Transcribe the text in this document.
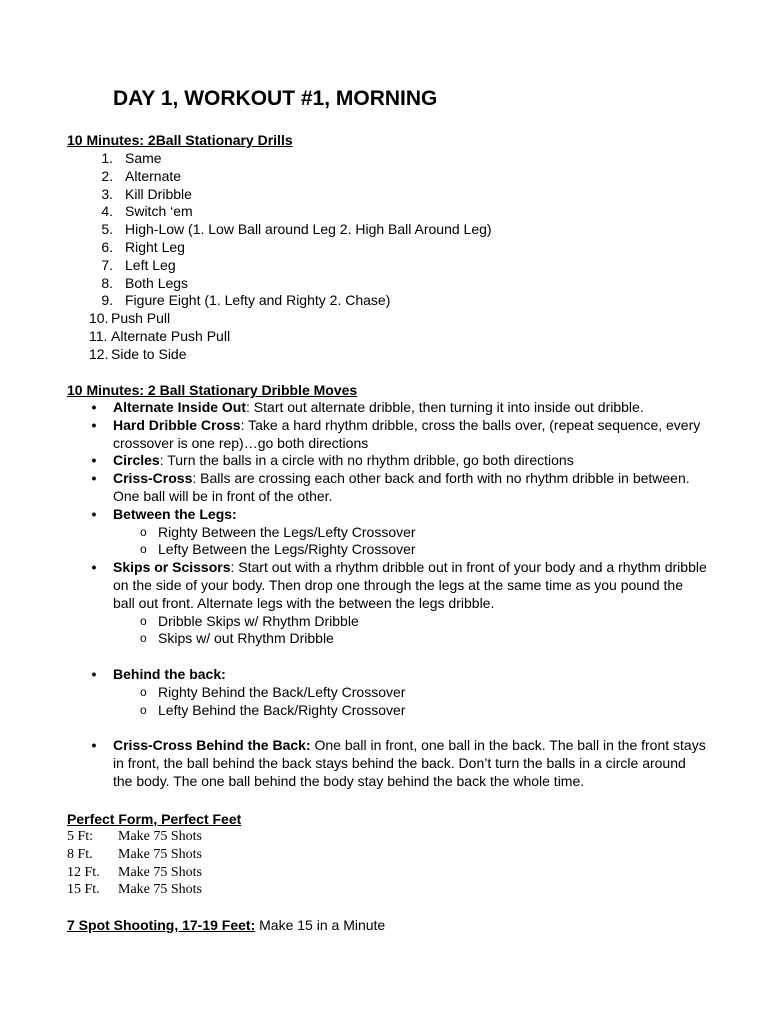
DAY 1, WORKOUT #1, MORNING
10 Minutes: 2Ball Stationary Drills
1. Same
2. Alternate
3. Kill Dribble
4. Switch ‘em
5. High-Low (1. Low Ball around Leg 2. High Ball Around Leg)
6. Right Leg
7. Left Leg
8. Both Legs
9. Figure Eight (1. Lefty and Righty 2. Chase)
10.Push Pull
11. Alternate Push Pull
12. Side to Side
10 Minutes: 2 Ball Stationary Dribble Moves
• Alternate Inside Out: Start out alternate dribble, then turning it into inside out dribble.
• Hard Dribble Cross: Take a hard rhythm dribble, cross the balls over, (repeat sequence, every crossover is one rep)…go both directions
• Circles: Turn the balls in a circle with no rhythm dribble, go both directions
• Criss-Cross: Balls are crossing each other back and forth with no rhythm dribble in between. One ball will be in front of the other.
• Between the Legs:
o Righty Between the Legs/Lefty Crossover
o Lefty Between the Legs/Righty Crossover
• Skips or Scissors: Start out with a rhythm dribble out in front of your body and a rhythm dribble on the side of your body. Then drop one through the legs at the same time as you pound the ball out front. Alternate legs with the between the legs dribble.
o Dribble Skips w/ Rhythm Dribble
o Skips w/ out Rhythm Dribble
• Behind the back:
o Righty Behind the Back/Lefty Crossover
o Lefty Behind the Back/Righty Crossover
• Criss-Cross Behind the Back: One ball in front, one ball in the back. The ball in the front stays in front, the ball behind the back stays behind the back. Don’t turn the balls in a circle around the body. The one ball behind the body stay behind the back the whole time.
Perfect Form, Perfect Feet
5 Ft: Make 75 Shots
8 Ft. Make 75 Shots
12 Ft. Make 75 Shots
15 Ft. Make 75 Shots
7 Spot Shooting, 17-19 Feet: Make 15 in a Minute
